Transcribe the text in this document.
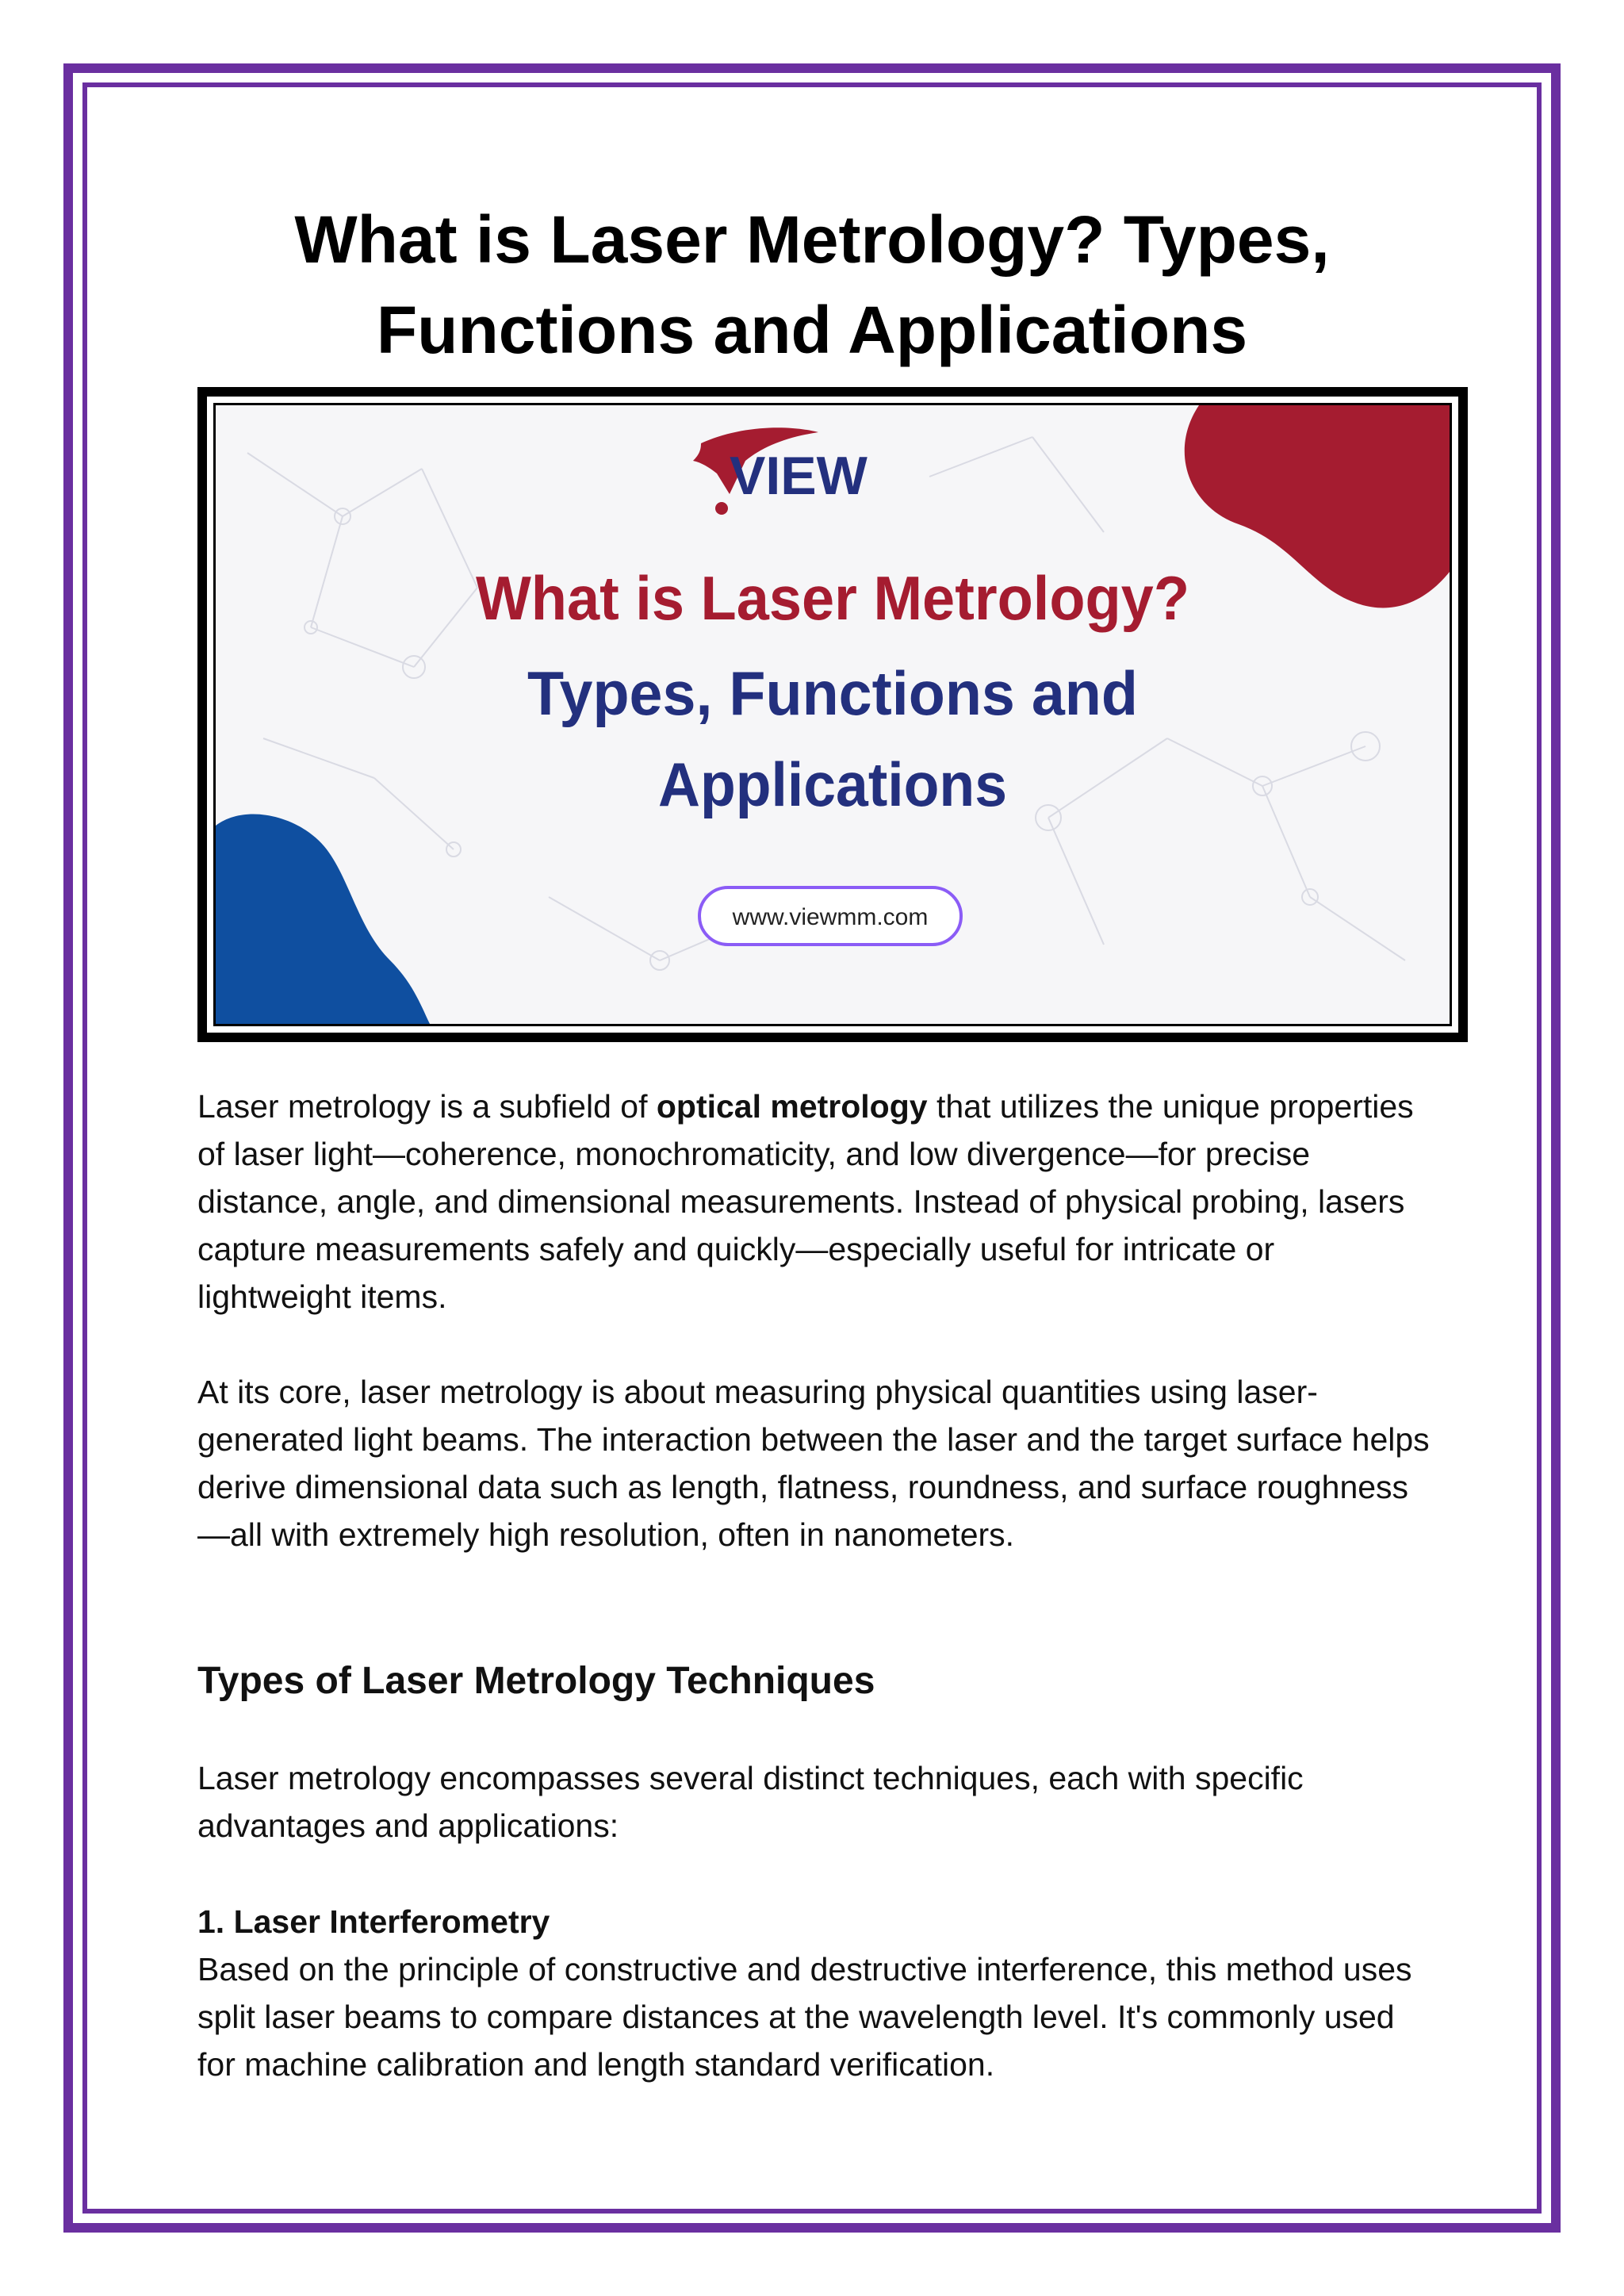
What is Laser Metrology? Types,
Functions and Applications
VIEW
What is Laser Metrology?
Types, Functions and
Applications
www.viewmm.com

Laser metrology is a subfield of optical metrology that utilizes the unique properties of laser light—coherence, monochromaticity, and low divergence—for precise distance, angle, and dimensional measurements. Instead of physical probing, lasers capture measurements safely and quickly—especially useful for intricate or lightweight items.

At its core, laser metrology is about measuring physical quantities using laser-generated light beams. The interaction between the laser and the target surface helps derive dimensional data such as length, flatness, roundness, and surface roughness—all with extremely high resolution, often in nanometers.

Types of Laser Metrology Techniques

Laser metrology encompasses several distinct techniques, each with specific advantages and applications:

1. Laser Interferometry

Based on the principle of constructive and destructive interference, this method uses split laser beams to compare distances at the wavelength level. It's commonly used for machine calibration and length standard verification.
